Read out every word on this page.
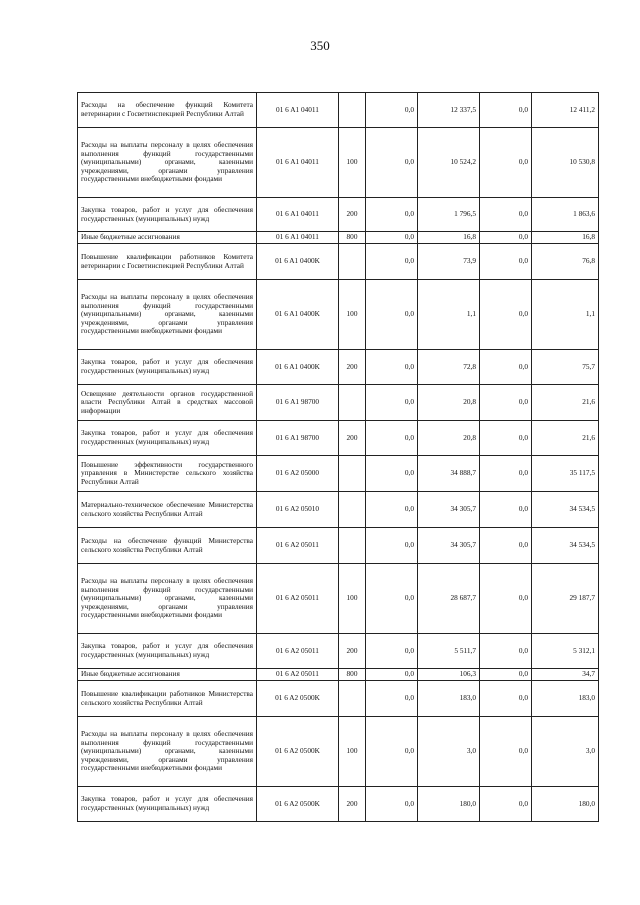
350
Расходы на обеспечение функций Комитета ветеринарии с Госветинспекцией Республики Алтай	01 6 A1 04011		0,0	12 337,5	0,0	12 411,2
Расходы на выплаты персоналу в целях обеспечения выполнения функций государственными (муниципальными) органами, казенными учреждениями, органами управления государственными внебюджетными фондами	01 6 A1 04011	100	0,0	10 524,2	0,0	10 530,8
Закупка товаров, работ и услуг для обеспечения государственных (муниципальных) нужд	01 6 A1 04011	200	0,0	1 796,5	0,0	1 863,6
Иные бюджетные ассигнования	01 6 A1 04011	800	0,0	16,8	0,0	16,8
Повышение квалификации работников Комитета ветеринарии с Госветинспекцией Республики Алтай	01 6 A1 0400K		0,0	73,9	0,0	76,8
Расходы на выплаты персоналу в целях обеспечения выполнения функций государственными (муниципальными) органами, казенными учреждениями, органами управления государственными внебюджетными фондами	01 6 A1 0400K	100	0,0	1,1	0,0	1,1
Закупка товаров, работ и услуг для обеспечения государственных (муниципальных) нужд	01 6 A1 0400K	200	0,0	72,8	0,0	75,7
Освещение деятельности органов государственной власти Республики Алтай в средствах массовой информации	01 6 A1 98700		0,0	20,8	0,0	21,6
Закупка товаров, работ и услуг для обеспечения государственных (муниципальных) нужд	01 6 A1 98700	200	0,0	20,8	0,0	21,6
Повышение эффективности государственного управления в Министерстве сельского хозяйства Республики Алтай	01 6 A2 05000		0,0	34 888,7	0,0	35 117,5
Материально-техническое обеспечение Министерства сельского хозяйства Республики Алтай	01 6 A2 05010		0,0	34 305,7	0,0	34 534,5
Расходы на обеспечение функций Министерства сельского хозяйства Республики Алтай	01 6 A2 05011		0,0	34 305,7	0,0	34 534,5
Расходы на выплаты персоналу в целях обеспечения выполнения функций государственными (муниципальными) органами, казенными учреждениями, органами управления государственными внебюджетными фондами	01 6 A2 05011	100	0,0	28 687,7	0,0	29 187,7
Закупка товаров, работ и услуг для обеспечения государственных (муниципальных) нужд	01 6 A2 05011	200	0,0	5 511,7	0,0	5 312,1
Иные бюджетные ассигнования	01 6 A2 05011	800	0,0	106,3	0,0	34,7
Повышение квалификации работников Министерства сельского хозяйства Республики Алтай	01 6 A2 0500K		0,0	183,0	0,0	183,0
Расходы на выплаты персоналу в целях обеспечения выполнения функций государственными (муниципальными) органами, казенными учреждениями, органами управления государственными внебюджетными фондами	01 6 A2 0500K	100	0,0	3,0	0,0	3,0
Закупка товаров, работ и услуг для обеспечения государственных (муниципальных) нужд	01 6 A2 0500K	200	0,0	180,0	0,0	180,0
